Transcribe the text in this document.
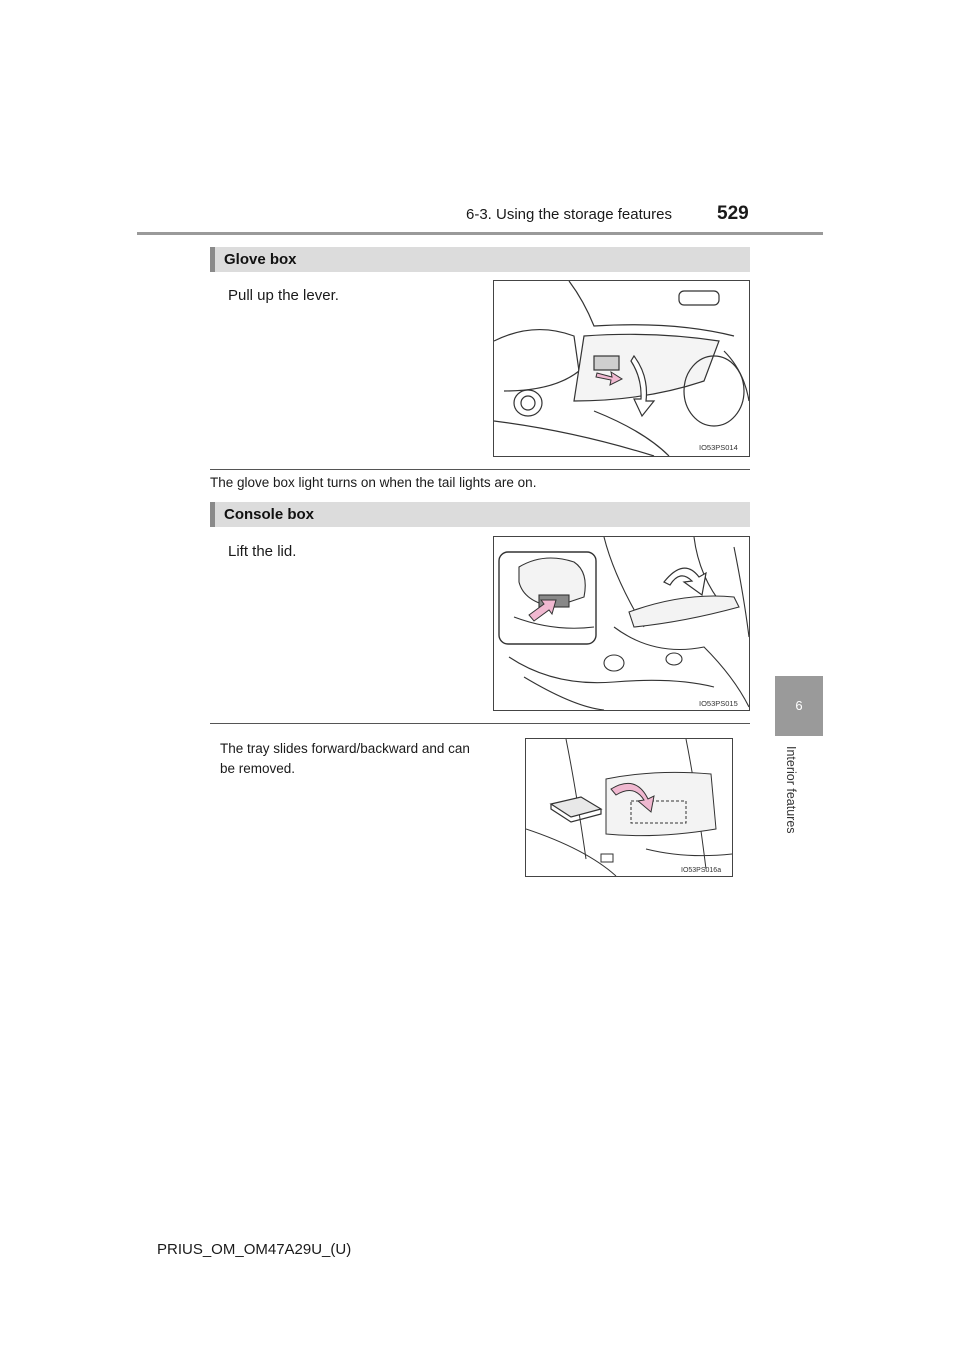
6-3. Using the storage features 529
6
Interior features
Glove box
Pull up the lever.
IO53PS014
The glove box light turns on when the tail lights are on.
Console box
Lift the lid.
IO53PS015
The tray slides forward/backward and can
be removed.
IO53PS016a
PRIUS_OM_OM47A29U_(U)
